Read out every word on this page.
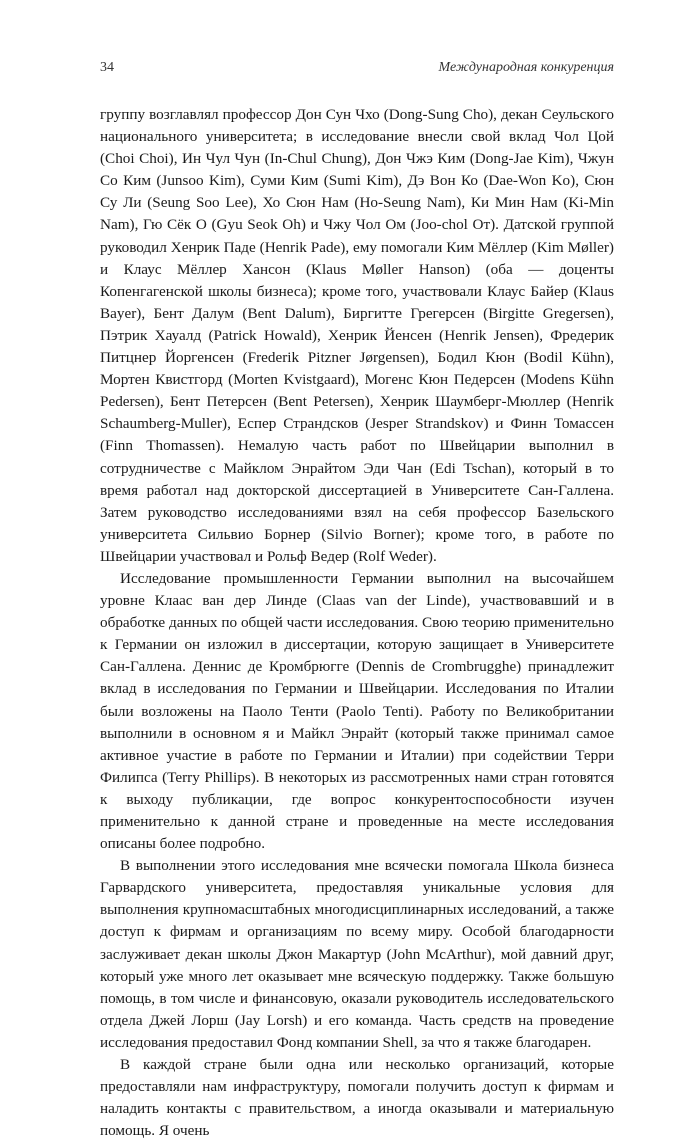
34	Международная конкуренция

группу возглавлял профессор Дон Сун Чхо (Dong-Sung Cho), декан Сеульского национального университета; в исследование внесли свой вклад Чол Цой (Choi Choi), Ин Чул Чун (In-Chul Chung), Дон Чжэ Ким (Dong-Jae Kim), Чжун Со Ким (Junsoo Kim), Суми Ким (Sumi Kim), Дэ Вон Ко (Dae-Won Ko), Сюн Су Ли (Seung Soo Lee), Хо Сюн Нам (Ho-Seung Nam), Ки Мин Нам (Ki-Min Nam), Гю Сёк О (Gyu Seok Oh) и Чжу Чол Ом (Joo-chol Oт). Датской группой руководил Хенрик Паде (Henrik Pade), ему помогали Ким Мёллер (Kim Møller) и Клаус Мёллер Хансон (Klaus Møller Hanson) (оба — доценты Копенгагенской школы бизнеса); кроме того, участвовали Клаус Байер (Klaus Bayer), Бент Далум (Bent Dalum), Биргитте Грегерсен (Birgitte Gregersen), Пэтрик Хауалд (Patrick Howald), Хенрик Йенсен (Henrik Jensen), Фредерик Питцнер Йоргенсен (Frederik Pitzner Jørgensen), Бодил Кюн (Bodil Kühn), Мортен Квистгорд (Morten Kvistgaard), Могенс Кюн Педерсен (Modens Kühn Pedersen), Бент Петерсен (Bent Petersen), Хенрик Шаумберг-Мюллер (Henrik Schaumberg-Muller), Еспер Страндсков (Jesper Strandskov) и Финн Томассен (Finn Thomassen). Немалую часть работ по Швейцарии выполнил в сотрудничестве с Майклом Энрайтом Эди Чан (Edi Tschan), который в то время работал над докторской диссертацией в Университете Сан-Галлена. Затем руководство исследованиями взял на себя профессор Базельского университета Сильвио Борнер (Silvio Borner); кроме того, в работе по Швейцарии участвовал и Рольф Ведер (Rolf Weder).

Исследование промышленности Германии выполнил на высочайшем уровне Клаас ван дер Линде (Claas van der Linde), участвовавший и в обработке данных по общей части исследования. Свою теорию применительно к Германии он изложил в диссертации, которую защищает в Университете Сан-Галлена. Деннис де Кромбрюгге (Dennis de Crombrugghe) принадлежит вклад в исследования по Германии и Швейцарии. Исследования по Италии были возложены на Паоло Тенти (Paolo Tenti). Работу по Великобритании выполнили в основном я и Майкл Энрайт (который также принимал самое активное участие в работе по Германии и Италии) при содействии Терри Филипса (Terry Phillips). В некоторых из рассмотренных нами стран готовятся к выходу публикации, где вопрос конкурентоспособности изучен применительно к данной стране и проведенные на месте исследования описаны более подробно.

В выполнении этого исследования мне всячески помогала Школа бизнеса Гарвардского университета, предоставляя уникальные условия для выполнения крупномасштабных многодисциплинарных исследований, а также доступ к фирмам и организациям по всему миру. Особой благодарности заслуживает декан школы Джон Макартур (John McArthur), мой давний друг, который уже много лет оказывает мне всяческую поддержку. Также большую помощь, в том числе и финансовую, оказали руководитель исследовательского отдела Джей Лорш (Jay Lorsh) и его команда. Часть средств на проведение исследования предоставил Фонд компании Shell, за что я также благодарен.

В каждой стране были одна или несколько организаций, которые предоставляли нам инфраструктуру, помогали получить доступ к фирмам и наладить контакты с правительством, а иногда оказывали и материальную помощь. Я очень
